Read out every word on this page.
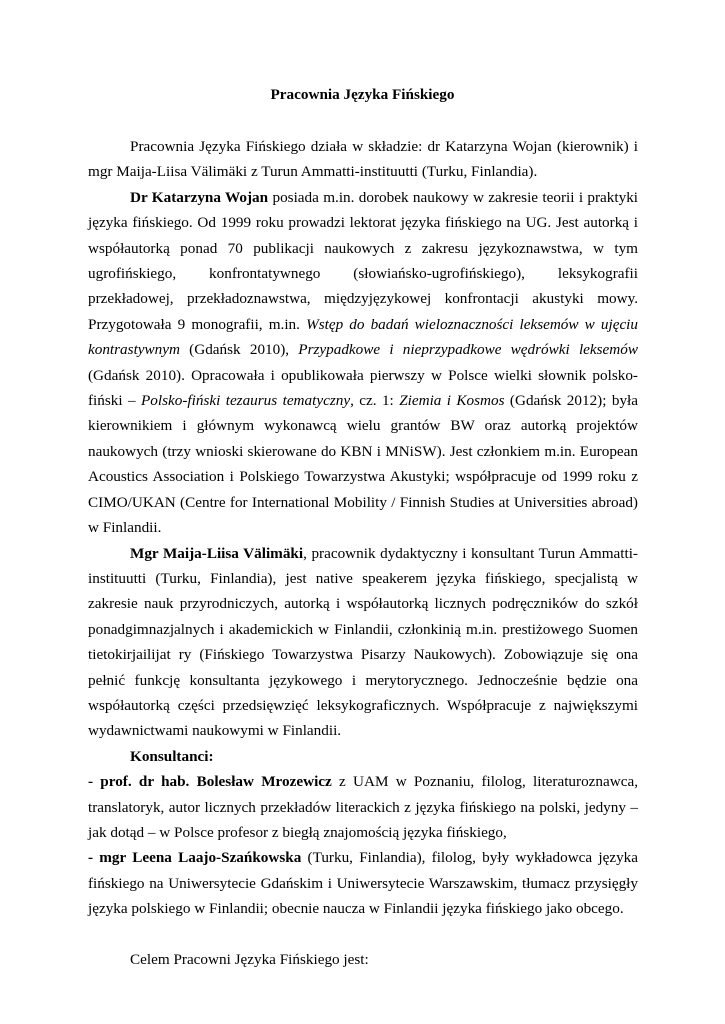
Pracownia Języka Fińskiego

Pracownia Języka Fińskiego działa w składzie: dr Katarzyna Wojan (kierownik) i mgr Maija-Liisa Välimäki z Turun Ammatti-instituutti (Turku, Finlandia).

Dr Katarzyna Wojan posiada m.in. dorobek naukowy w zakresie teorii i praktyki języka fińskiego. Od 1999 roku prowadzi lektorat języka fińskiego na UG. Jest autorką i współautorką ponad 70 publikacji naukowych z zakresu językoznawstwa, w tym ugrofińskiego, konfrontatywnego (słowiańsko-ugrofińskiego), leksykografii przekładowej, przekładoznawstwa, międzyjęzykowej konfrontacji akustyki mowy. Przygotowała 9 monografii, m.in. Wstęp do badań wieloznaczności leksemów w ujęciu kontrastywnym (Gdańsk 2010), Przypadkowe i nieprzypadkowe wędrówki leksemów (Gdańsk 2010). Opracowała i opublikowała pierwszy w Polsce wielki słownik polsko-fiński – Polsko-fiński tezaurus tematyczny, cz. 1: Ziemia i Kosmos (Gdańsk 2012); była kierownikiem i głównym wykonawcą wielu grantów BW oraz autorką projektów naukowych (trzy wnioski skierowane do KBN i MNiSW). Jest członkiem m.in. European Acoustics Association i Polskiego Towarzystwa Akustyki; współpracuje od 1999 roku z CIMO/UKAN (Centre for International Mobility / Finnish Studies at Universities abroad) w Finlandii.

Mgr Maija-Liisa Välimäki, pracownik dydaktyczny i konsultant Turun Ammatti-instituutti (Turku, Finlandia), jest native speakerem języka fińskiego, specjalistą w zakresie nauk przyrodniczych, autorką i współautorką licznych podręczników do szkół ponadgimnazjalnych i akademickich w Finlandii, członkinią m.in. prestiżowego Suomen tietokirjailijat ry (Fińskiego Towarzystwa Pisarzy Naukowych). Zobowiązuje się ona pełnić funkcję konsultanta językowego i merytorycznego. Jednocześnie będzie ona współautorką części przedsięwzięć leksykograficznych. Współpracuje z największymi wydawnictwami naukowymi w Finlandii.

Konsultanci:

- prof. dr hab. Bolesław Mrozewicz z UAM w Poznaniu, filolog, literaturoznawca, translatoryk, autor licznych przekładów literackich z języka fińskiego na polski, jedyny – jak dotąd – w Polsce profesor z biegłą znajomością języka fińskiego,

- mgr Leena Laajo-Szańkowska (Turku, Finlandia), filolog, były wykładowca języka fińskiego na Uniwersytecie Gdańskim i Uniwersytecie Warszawskim, tłumacz przysięgły języka polskiego w Finlandii; obecnie naucza w Finlandii języka fińskiego jako obcego.

Celem Pracowni Języka Fińskiego jest:
